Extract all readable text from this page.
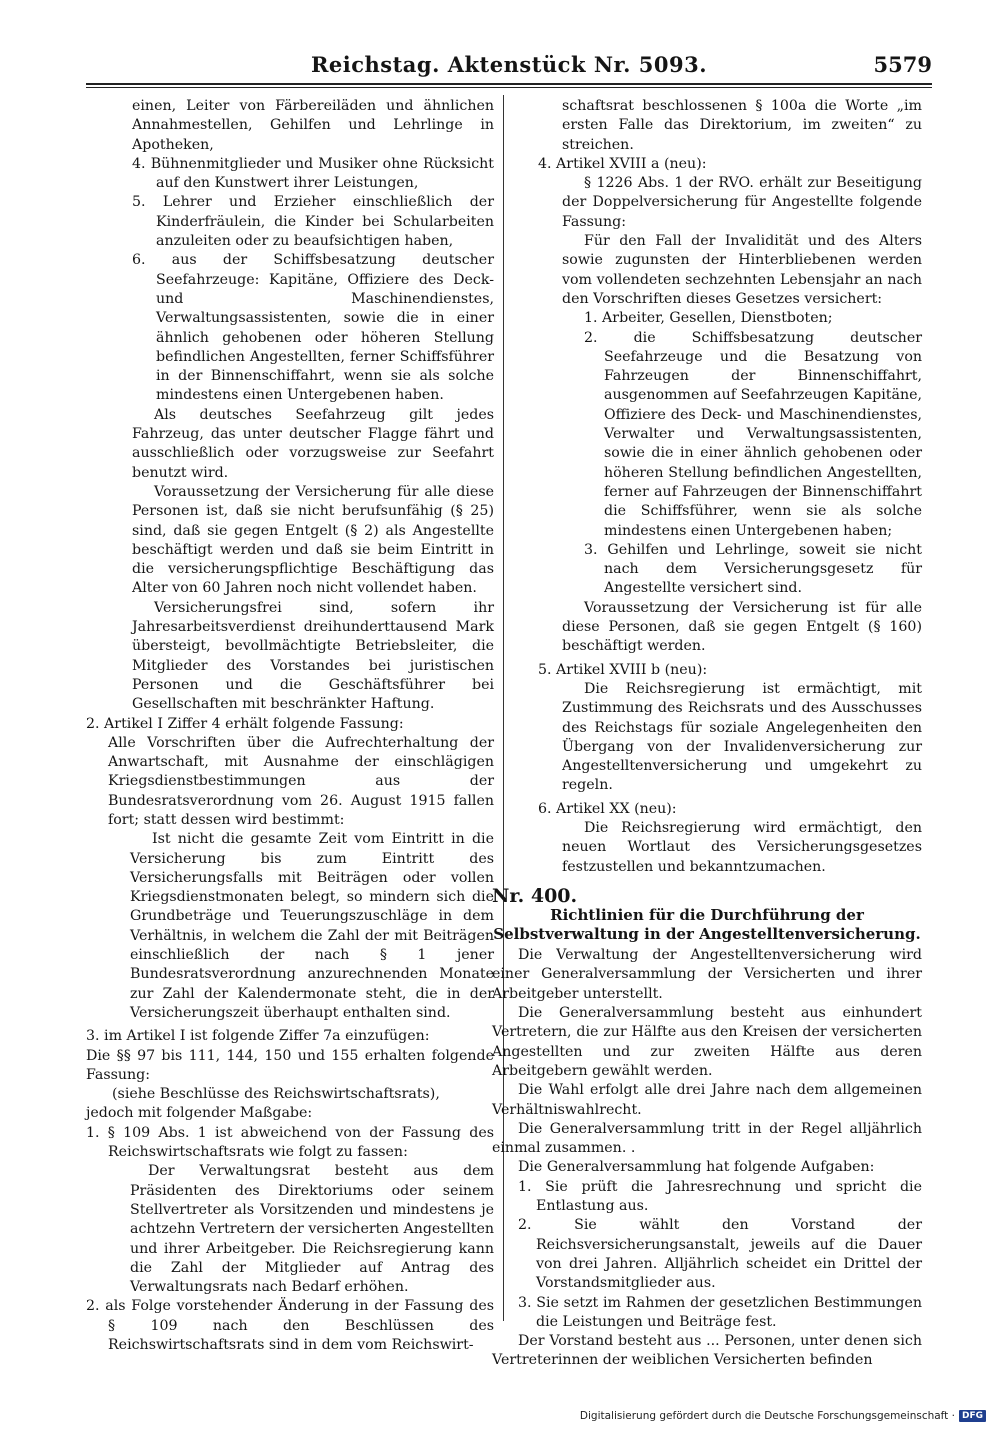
Reichstag. Aktenstück Nr. 5093.	5579

einen, Leiter von Färbereiläden und ähnlichen Annahmestellen, Gehilfen und Lehrlinge in Apotheken,

4. Bühnenmitglieder und Musiker ohne Rücksicht auf den Kunstwert ihrer Leistungen,

5. Lehrer und Erzieher einschließlich der Kinderfräulein, die Kinder bei Schularbeiten anzuleiten oder zu beaufsichtigen haben,

6. aus der Schiffsbesatzung deutscher Seefahrzeuge: Kapitäne, Offiziere des Deck- und Maschinendienstes, Verwaltungsassistenten, sowie die in einer ähnlich gehobenen oder höheren Stellung befindlichen Angestellten, ferner Schiffsführer in der Binnenschiffahrt, wenn sie als solche mindestens einen Untergebenen haben.

Als deutsches Seefahrzeug gilt jedes Fahrzeug, das unter deutscher Flagge fährt und ausschließlich oder vorzugsweise zur Seefahrt benutzt wird.

Voraussetzung der Versicherung für alle diese Personen ist, daß sie nicht berufsunfähig (§ 25) sind, daß sie gegen Entgelt (§ 2) als Angestellte beschäftigt werden und daß sie beim Eintritt in die versicherungspflichtige Beschäftigung das Alter von 60 Jahren noch nicht vollendet haben.

Versicherungsfrei sind, sofern ihr Jahresarbeitsverdienst dreihunderttausend Mark übersteigt, bevollmächtigte Betriebsleiter, die Mitglieder des Vorstandes bei juristischen Personen und die Geschäftsführer bei Gesellschaften mit beschränkter Haftung.

2. Artikel I Ziffer 4 erhält folgende Fassung:

Alle Vorschriften über die Aufrechterhaltung der Anwartschaft, mit Ausnahme der einschlägigen Kriegsdienstbestimmungen aus der Bundesratsverordnung vom 26. August 1915 fallen fort; statt dessen wird bestimmt:

Ist nicht die gesamte Zeit vom Eintritt in die Versicherung bis zum Eintritt des Versicherungsfalls mit Beiträgen oder vollen Kriegsdienstmonaten belegt, so mindern sich die Grundbeträge und Teuerungszuschläge in dem Verhältnis, in welchem die Zahl der mit Beiträgen einschließlich der nach § 1 jener Bundesratsverordnung anzurechnenden Monate zur Zahl der Kalendermonate steht, die in der Versicherungszeit überhaupt enthalten sind.

3. im Artikel I ist folgende Ziffer 7a einzufügen:

Die §§ 97 bis 111, 144, 150 und 155 erhalten folgende Fassung:

(siehe Beschlüsse des Reichswirtschaftsrats),

jedoch mit folgender Maßgabe:

1. § 109 Abs. 1 ist abweichend von der Fassung des Reichswirtschaftsrats wie folgt zu fassen:

Der Verwaltungsrat besteht aus dem Präsidenten des Direktoriums oder seinem Stellvertreter als Vorsitzenden und mindestens je achtzehn Vertretern der versicherten Angestellten und ihrer Arbeitgeber. Die Reichsregierung kann die Zahl der Mitglieder auf Antrag des Verwaltungsrats nach Bedarf erhöhen.

2. als Folge vorstehender Änderung in der Fassung des § 109 nach den Beschlüssen des Reichswirtschaftsrats sind in dem vom Reichswirt-

schaftsrat beschlossenen § 100a die Worte „im ersten Falle das Direktorium, im zweiten“ zu streichen.

4. Artikel XVIII a (neu):

§ 1226 Abs. 1 der RVO. erhält zur Beseitigung der Doppelversicherung für Angestellte folgende Fassung:

Für den Fall der Invalidität und des Alters sowie zugunsten der Hinterbliebenen werden vom vollendeten sechzehnten Lebensjahr an nach den Vorschriften dieses Gesetzes versichert:

1. Arbeiter, Gesellen, Dienstboten;

2. die Schiffsbesatzung deutscher Seefahrzeuge und die Besatzung von Fahrzeugen der Binnenschiffahrt, ausgenommen auf Seefahrzeugen Kapitäne, Offiziere des Deck- und Maschinendienstes, Verwalter und Verwaltungsassistenten, sowie die in einer ähnlich gehobenen oder höheren Stellung befindlichen Angestellten, ferner auf Fahrzeugen der Binnenschiffahrt die Schiffsführer, wenn sie als solche mindestens einen Untergebenen haben;

3. Gehilfen und Lehrlinge, soweit sie nicht nach dem Versicherungsgesetz für Angestellte versichert sind.

Voraussetzung der Versicherung ist für alle diese Personen, daß sie gegen Entgelt (§ 160) beschäftigt werden.

5. Artikel XVIII b (neu):

Die Reichsregierung ist ermächtigt, mit Zustimmung des Reichsrats und des Ausschusses des Reichstags für soziale Angelegenheiten den Übergang von der Invalidenversicherung zur Angestelltenversicherung und umgekehrt zu regeln.

6. Artikel XX (neu):

Die Reichsregierung wird ermächtigt, den neuen Wortlaut des Versicherungsgesetzes festzustellen und bekanntzumachen.

Nr. 400.

Richtlinien für die Durchführung der Selbstverwaltung in der Angestelltenversicherung.

Die Verwaltung der Angestelltenversicherung wird einer Generalversammlung der Versicherten und ihrer Arbeitgeber unterstellt.

Die Generalversammlung besteht aus einhundert Vertretern, die zur Hälfte aus den Kreisen der versicherten Angestellten und zur zweiten Hälfte aus deren Arbeitgebern gewählt werden.

Die Wahl erfolgt alle drei Jahre nach dem allgemeinen Verhältniswahlrecht.

Die Generalversammlung tritt in der Regel alljährlich einmal zusammen. .

Die Generalversammlung hat folgende Aufgaben:

1. Sie prüft die Jahresrechnung und spricht die Entlastung aus.

2. Sie wählt den Vorstand der Reichsversicherungsanstalt, jeweils auf die Dauer von drei Jahren. Alljährlich scheidet ein Drittel der Vorstandsmitglieder aus.

3. Sie setzt im Rahmen der gesetzlichen Bestimmungen die Leistungen und Beiträge fest.

Der Vorstand besteht aus ... Personen, unter denen sich Vertreterinnen der weiblichen Versicherten befinden

Digitalisierung gefördert durch die Deutsche Forschungsgemeinschaft · DFG
